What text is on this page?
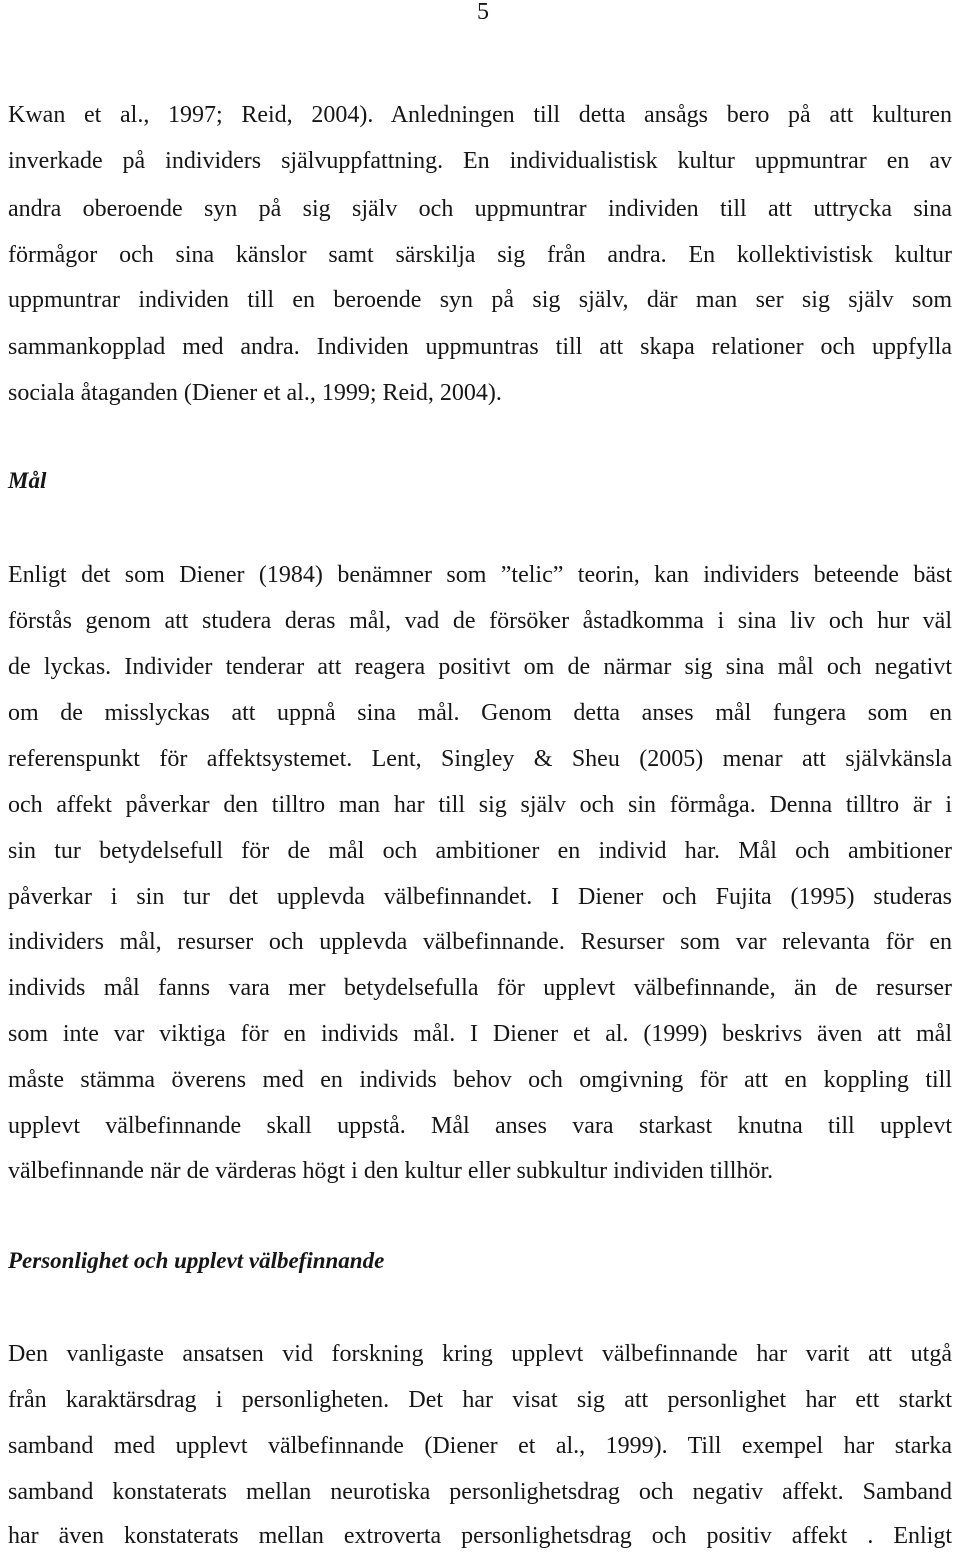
5
Kwan et al., 1997; Reid, 2004). Anledningen till detta ansågs bero på att kulturen
inverkade på individers självuppfattning. En individualistisk kultur uppmuntrar en av
andra oberoende syn på sig själv och uppmuntrar individen till att uttrycka sina
förmågor och sina känslor samt särskilja sig från andra. En kollektivistisk kultur
uppmuntrar individen till en beroende syn på sig själv, där man ser sig själv som
sammankopplad med andra. Individen uppmuntras till att skapa relationer och uppfylla
sociala åtaganden (Diener et al., 1999; Reid, 2004).
Mål
Enligt det som Diener (1984) benämner som ”telic” teorin, kan individers beteende bäst
förstås genom att studera deras mål, vad de försöker åstadkomma i sina liv och hur väl
de lyckas. Individer tenderar att reagera positivt om de närmar sig sina mål och negativt
om de misslyckas att uppnå sina mål. Genom detta anses mål fungera som en
referenspunkt för affektsystemet. Lent, Singley & Sheu (2005) menar att självkänsla
och affekt påverkar den tilltro man har till sig själv och sin förmåga. Denna tilltro är i
sin tur betydelsefull för de mål och ambitioner en individ har. Mål och ambitioner
påverkar i sin tur det upplevda välbefinnandet. I Diener och Fujita (1995) studeras
individers mål, resurser och upplevda välbefinnande. Resurser som var relevanta för en
individs mål fanns vara mer betydelsefulla för upplevt välbefinnande, än de resurser
som inte var viktiga för en individs mål. I Diener et al. (1999) beskrivs även att mål
måste stämma överens med en individs behov och omgivning för att en koppling till
upplevt välbefinnande skall uppstå. Mål anses vara starkast knutna till upplevt
välbefinnande när de värderas högt i den kultur eller subkultur individen tillhör.
Personlighet och upplevt välbefinnande
Den vanligaste ansatsen vid forskning kring upplevt välbefinnande har varit att utgå
från karaktärsdrag i personligheten. Det har visat sig att personlighet har ett starkt
samband med upplevt välbefinnande (Diener et al., 1999). Till exempel har starka
samband konstaterats mellan neurotiska personlighetsdrag och negativ affekt. Samband
har även konstaterats mellan extroverta personlighetsdrag och positiv affekt . Enligt
